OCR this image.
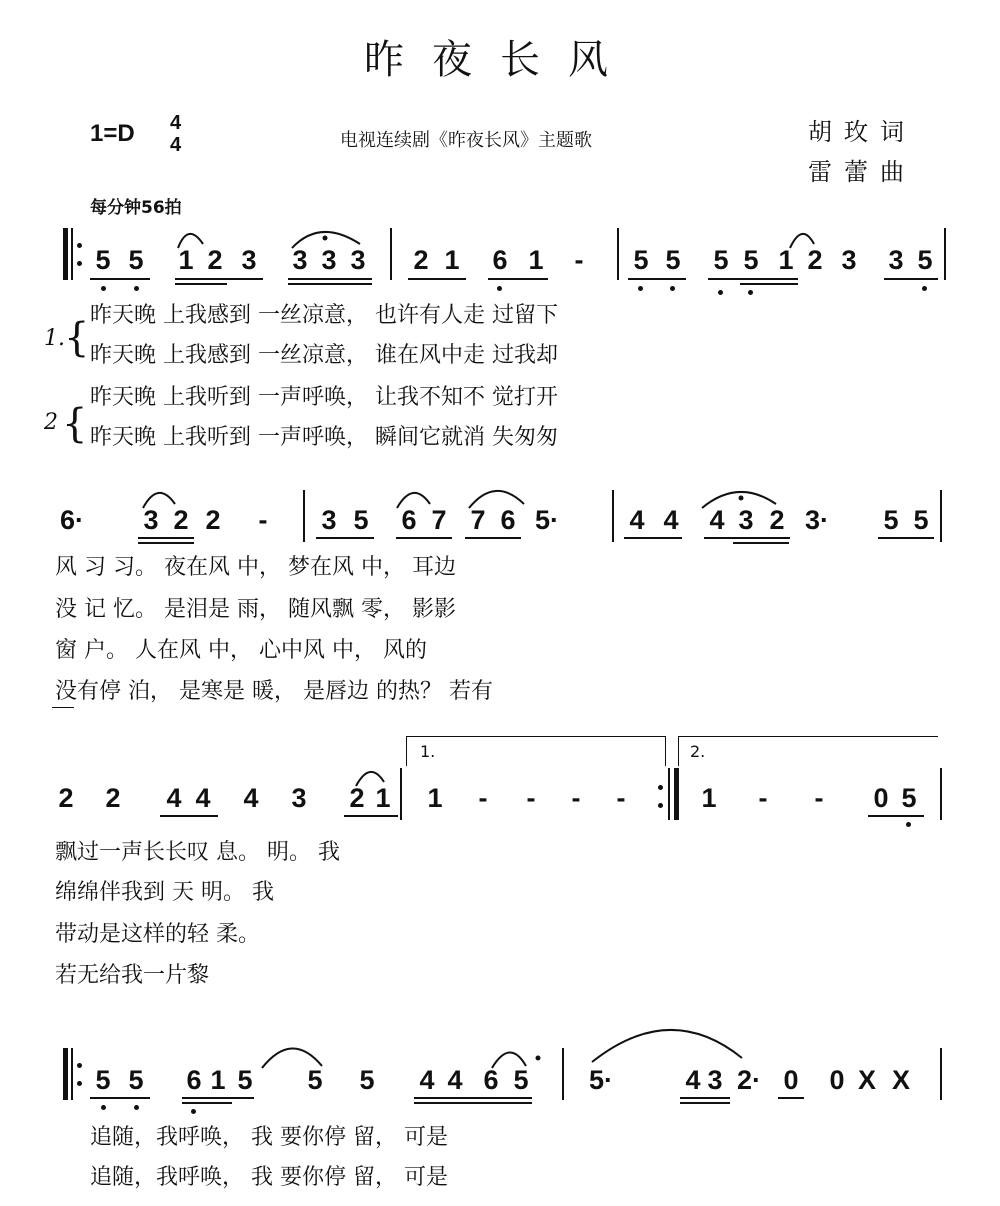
昨夜长风
1=D 4
4	电视连续剧《昨夜长风》主题歌	胡玫词
雷蕾曲
每分钟56拍
5 5 1 2 3 3 3 3 2 1 6 1 - 5 5 5 5 1 2 3 3 5
1. {
2 {
昨天晚 上我感到 一丝凉意， 也许有人走 过留下
昨天晚 上我感到 一丝凉意， 谁在风中走 过我却
昨天晚 上我听到 一声呼唤， 让我不知不 觉打开
昨天晚 上我听到 一声呼唤， 瞬间它就消 失匆匆
6· 3 2 2 - 3 5 6 7 7 6 5·	4 4 4 3 2 3· 5 5
风 习 习。 夜在风 中， 梦在风 中， 耳边
没 记 忆。 是泪是 雨， 随风飘 零， 影影
窗 户。 人在风 中， 心中风 中， 风的
没有停 泊， 是寒是 暖， 是唇边 的热？ 若有
1.	2.
2 2 4 4 4 3 2 1 1 - - - -	1 - - 0 5
飘过一声长长叹 息。 明。 我
绵绵伴我到 天 明。 我
带动是这样的轻 柔。
若无给我一片黎
5 5 6 1 5 5 5 4 4 6 5 5·	4 3 2· 0 0 X X
追随，我呼唤， 我 要你停 留， 可是
追随，我呼唤， 我 要你停 留， 可是
